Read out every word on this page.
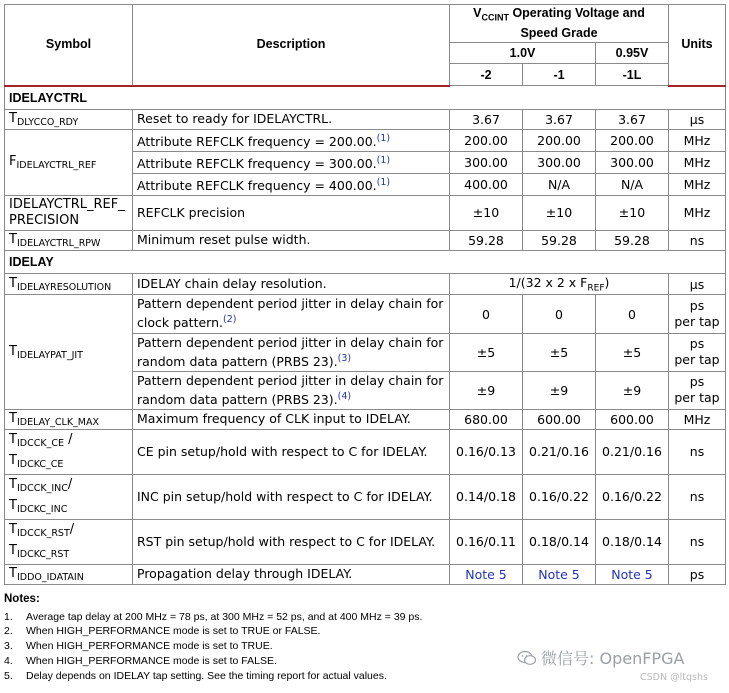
Symbol	Description	$V_{CCINT}$ Operating Voltage and Speed Grade			Units
		1.0V		0.95V	
		-2	-1	-1L	
IDELAYCTRL					
$T_{DLYCCO\_RDY}$	Reset to ready for IDELAYCTRL.	3.67	3.67	3.67	µs
$F_{IDELAYCTRL\_REF}$	Attribute REFCLK frequency = 200.00.$^{(1)}$	200.00	200.00	200.00	MHz
	Attribute REFCLK frequency = 300.00.$^{(1)}$	300.00	300.00	300.00	MHz
	Attribute REFCLK frequency = 400.00.$^{(1)}$	400.00	N/A	N/A	MHz
IDELAYCTRL_REF_
PRECISION	REFCLK precision	±10	±10	±10	MHz
$T_{IDELAYCTRL\_RPW}$	Minimum reset pulse width.	59.28	59.28	59.28	ns
IDELAY					
$T_{IDELAYRESOLUTION}$	IDELAY chain delay resolution.	1/(32 x 2 x $F_{REF}$)			µs
$T_{IDELAYPAT\_JIT}$	Pattern dependent period jitter in delay chain for clock pattern.$^{(2)}$	0	0	0	ps
per tap
	Pattern dependent period jitter in delay chain for random data pattern (PRBS 23).$^{(3)}$	±5	±5	±5	ps
per tap
	Pattern dependent period jitter in delay chain for random data pattern (PRBS 23).$^{(4)}$	±9	±9	±9	ps
per tap
$T_{IDELAY\_CLK\_MAX}$	Maximum frequency of CLK input to IDELAY.	680.00	600.00	600.00	MHz
$T_{IDCCK\_CE}$ /
$T_{IDCKC\_CE}$	CE pin setup/hold with respect to C for IDELAY.	0.16/0.13	0.21/0.16	0.21/0.16	ns
$T_{IDCCK\_INC}/$
$T_{IDCKC\_INC}$	INC pin setup/hold with respect to C for IDELAY.	0.14/0.18	0.16/0.22	0.16/0.22	ns
$T_{IDCCK\_RST}/$
$T_{IDCKC\_RST}$	RST pin setup/hold with respect to C for IDELAY.	0.16/0.11	0.18/0.14	0.18/0.14	ns
$T_{IDDO\_IDATAIN}$	Propagation delay through IDELAY.	Note 5	Note 5	Note 5	ps
Notes:
1.	Average tap delay at 200 MHz = 78 ps, at 300 MHz = 52 ps, and at 400 MHz = 39 ps.
2.	When HIGH_PERFORMANCE mode is set to TRUE or FALSE.
3.	When HIGH_PERFORMANCE mode is set to TRUE.
4.	When HIGH_PERFORMANCE mode is set to FALSE.
5.	Delay depends on IDELAY tap setting. See the timing report for actual values.
微信号: OpenFPGA
CSDN @ltqshs
